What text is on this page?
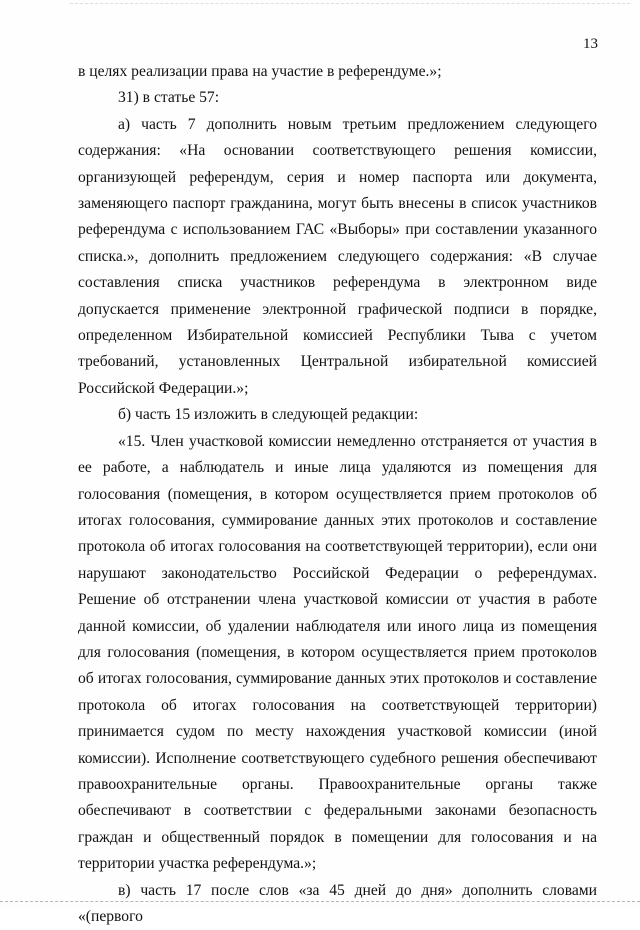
13

в целях реализации права на участие в референдуме.»;

31) в статье 57:

а) часть 7 дополнить новым третьим предложением следующего содержания: «На основании соответствующего решения комиссии, организующей референдум, серия и номер паспорта или документа, заменяющего паспорт гражданина, могут быть внесены в список участников референдума с использованием ГАС «Выборы» при составлении указанного списка.», дополнить предложением следующего содержания: «В случае составления списка участников референдума в электронном виде допускается применение электронной графической подписи в порядке, определенном Избирательной комиссией Республики Тыва с учетом требований, установленных Центральной избирательной комиссией Российской Федерации.»;

б) часть 15 изложить в следующей редакции:

«15. Член участковой комиссии немедленно отстраняется от участия в ее работе, а наблюдатель и иные лица удаляются из помещения для голосования (помещения, в котором осуществляется прием протоколов об итогах голосования, суммирование данных этих протоколов и составление протокола об итогах голосования на соответствующей территории), если они нарушают законодательство Российской Федерации о референдумах. Решение об отстранении члена участковой комиссии от участия в работе данной комиссии, об удалении наблюдателя или иного лица из помещения для голосования (помещения, в котором осуществляется прием протоколов об итогах голосования, суммирование данных этих протоколов и составление протокола об итогах голосования на соответствующей территории) принимается судом по месту нахождения участковой комиссии (иной комиссии). Исполнение соответствующего судебного решения обеспечивают правоохранительные органы. Правоохранительные органы также обеспечивают в соответствии с федеральными законами безопасность граждан и общественный порядок в помещении для голосования и на территории участка референдума.»;

в) часть 17 после слов «за 45 дней до дня» дополнить словами «(первого
